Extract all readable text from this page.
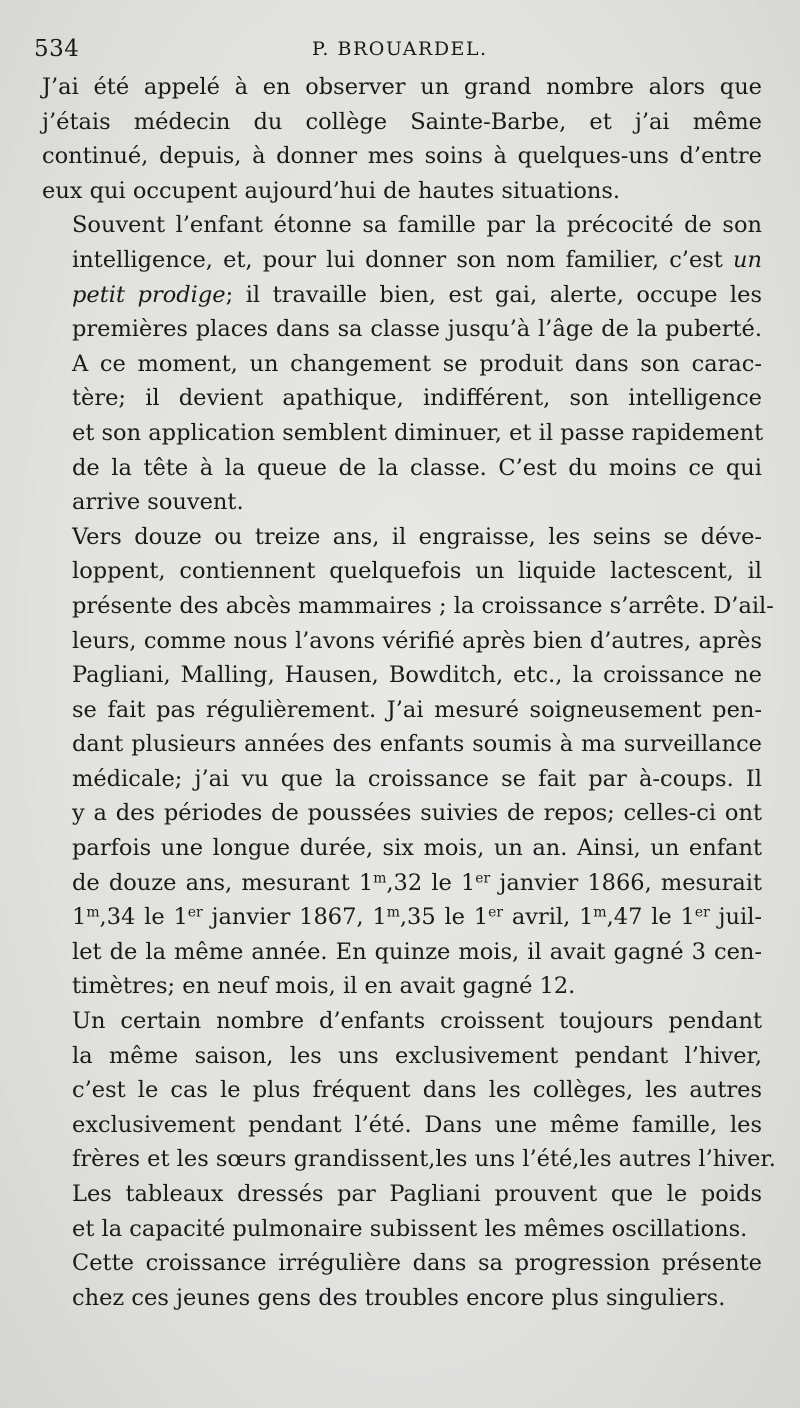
534	P. BROUARDEL.
J’ai été appelé à en observer un grand nombre alors que
j’étais médecin du collège Sainte-Barbe, et j’ai même
continué, depuis, à donner mes soins à quelques-uns d’entre
eux qui occupent aujourd’hui de hautes situations.
Souvent l’enfant étonne sa famille par la précocité de son
intelligence, et, pour lui donner son nom familier, c’est un
petit prodige; il travaille bien, est gai, alerte, occupe les
premières places dans sa classe jusqu’à l’âge de la puberté.
A ce moment, un changement se produit dans son carac-
tère; il devient apathique, indifférent, son intelligence
et son application semblent diminuer, et il passe rapidement
de la tête à la queue de la classe. C’est du moins ce qui
arrive souvent.
Vers douze ou treize ans, il engraisse, les seins se déve-
loppent, contiennent quelquefois un liquide lactescent, il
présente des abcès mammaires ; la croissance s’arrête. D’ail-
leurs, comme nous l’avons vérifié après bien d’autres, après
Pagliani, Malling, Hausen, Bowditch, etc., la croissance ne
se fait pas régulièrement. J’ai mesuré soigneusement pen-
dant plusieurs années des enfants soumis à ma surveillance
médicale; j’ai vu que la croissance se fait par à-coups. Il
y a des périodes de poussées suivies de repos; celles-ci ont
parfois une longue durée, six mois, un an. Ainsi, un enfant
de douze ans, mesurant 1$^m$,32 le 1er janvier 1866, mesurait
1$^m$,34 le 1er janvier 1867, 1$^m$,35 le 1er avril, 1$^m$,47 le 1er juil-
let de la même année. En quinze mois, il avait gagné 3 cen-
timètres; en neuf mois, il en avait gagné 12.
Un certain nombre d’enfants croissent toujours pendant
la même saison, les uns exclusivement pendant l’hiver,
c’est le cas le plus fréquent dans les collèges, les autres
exclusivement pendant l’été. Dans une même famille, les
frères et les sœurs grandissent,les uns l’été,les autres l’hiver.
Les tableaux dressés par Pagliani prouvent que le poids
et la capacité pulmonaire subissent les mêmes oscillations.
Cette croissance irrégulière dans sa progression présente
chez ces jeunes gens des troubles encore plus singuliers.
